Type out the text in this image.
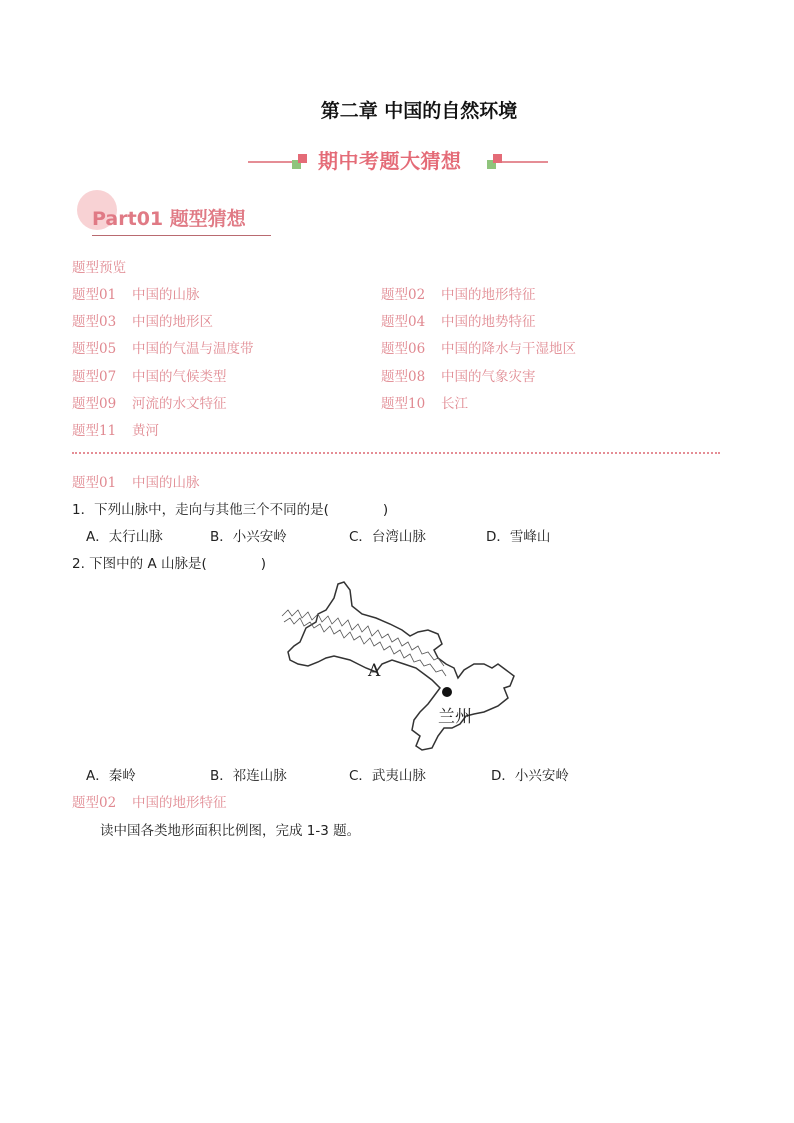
第二章 中国的自然环境
期中考题大猜想
Part01 题型猜想
题型预览
题型01 中国的山脉	题型02 中国的地形特征
题型03 中国的地形区	题型04 中国的地势特征
题型05 中国的气温与温度带	题型06 中国的降水与干湿地区
题型07 中国的气候类型	题型08 中国的气象灾害
题型09 河流的水文特征	题型10 长江
题型11 黄河
题型01 中国的山脉
1．下列山脉中，走向与其他三个不同的是(　　　　)
A．太行山脉	B．小兴安岭	C．台湾山脉	D．雪峰山
2. 下图中的 A 山脉是(　　　　)
A
兰州
A．秦岭	B．祁连山脉	C．武夷山脉	D．小兴安岭
题型02 中国的地形特征
读中国各类地形面积比例图，完成 1-3 题。
